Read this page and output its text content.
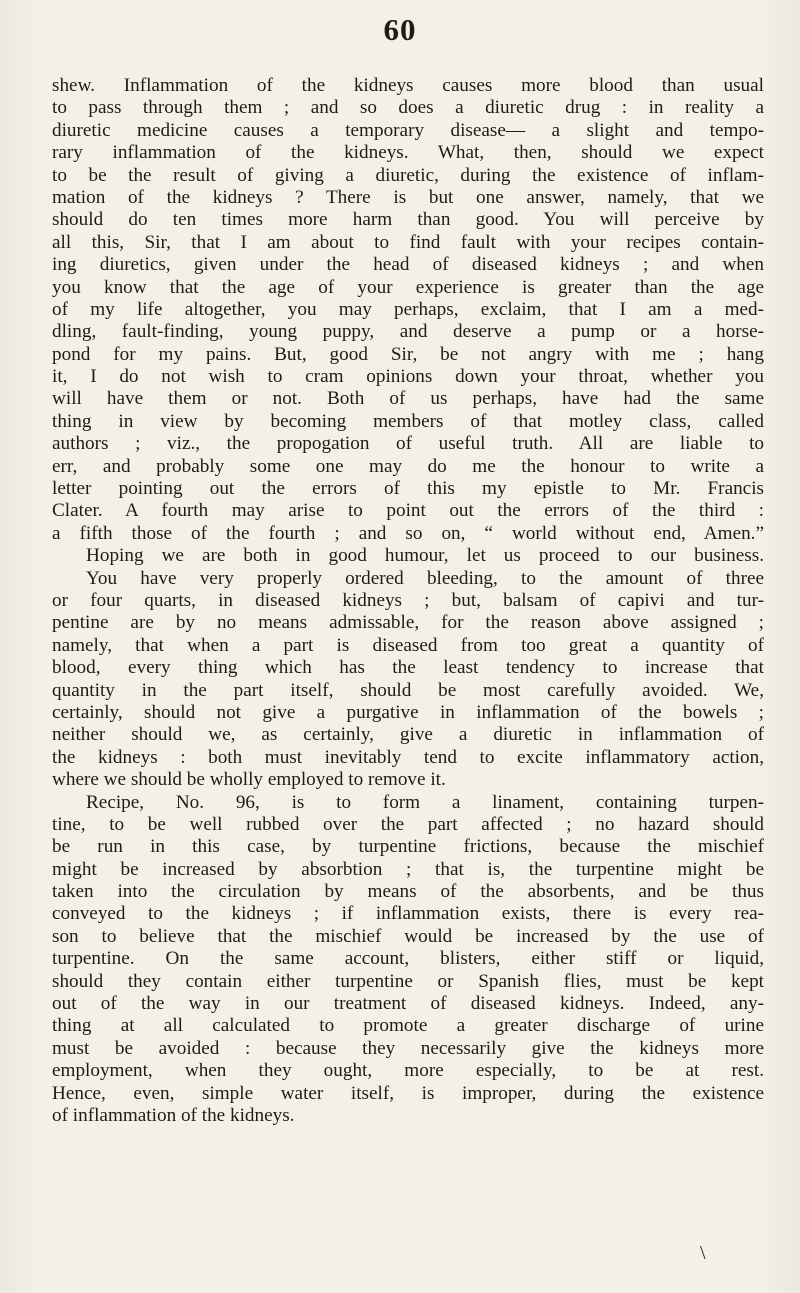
60
shew. Inflammation of the kidneys causes more blood than usual
to pass through them ; and so does a diuretic drug : in reality a
diuretic medicine causes a temporary disease— a slight and tempo-
rary inflammation of the kidneys. What, then, should we expect
to be the result of giving a diuretic, during the existence of inflam-
mation of the kidneys ? There is but one answer, namely, that we
should do ten times more harm than good. You will perceive by
all this, Sir, that I am about to find fault with your recipes contain-
ing diuretics, given under the head of diseased kidneys ; and when
you know that the age of your experience is greater than the age
of my life altogether, you may perhaps, exclaim, that I am a med-
dling, fault-finding, young puppy, and deserve a pump or a horse-
pond for my pains. But, good Sir, be not angry with me ; hang
it, I do not wish to cram opinions down your throat, whether you
will have them or not. Both of us perhaps, have had the same
thing in view by becoming members of that motley class, called
authors ; viz., the propogation of useful truth. All are liable to
err, and probably some one may do me the honour to write a
letter pointing out the errors of this my epistle to Mr. Francis
Clater. A fourth may arise to point out the errors of the third :
a fifth those of the fourth ; and so on, “ world without end, Amen.”
Hoping we are both in good humour, let us proceed to our business.
You have very properly ordered bleeding, to the amount of three
or four quarts, in diseased kidneys ; but, balsam of capivi and tur-
pentine are by no means admissable, for the reason above assigned ;
namely, that when a part is diseased from too great a quantity of
blood, every thing which has the least tendency to increase that
quantity in the part itself, should be most carefully avoided. We,
certainly, should not give a purgative in inflammation of the bowels ;
neither should we, as certainly, give a diuretic in inflammation of
the kidneys : both must inevitably tend to excite inflammatory action,
where we should be wholly employed to remove it.
Recipe, No. 96, is to form a linament, containing turpen-
tine, to be well rubbed over the part affected ; no hazard should
be run in this case, by turpentine frictions, because the mischief
might be increased by absorbtion ; that is, the turpentine might be
taken into the circulation by means of the absorbents, and be thus
conveyed to the kidneys ; if inflammation exists, there is every rea-
son to believe that the mischief would be increased by the use of
turpentine. On the same account, blisters, either stiff or liquid,
should they contain either turpentine or Spanish flies, must be kept
out of the way in our treatment of diseased kidneys. Indeed, any-
thing at all calculated to promote a greater discharge of urine
must be avoided : because they necessarily give the kidneys more
employment, when they ought, more especially, to be at rest.
Hence, even, simple water itself, is improper, during the existence
of inflammation of the kidneys.
\
